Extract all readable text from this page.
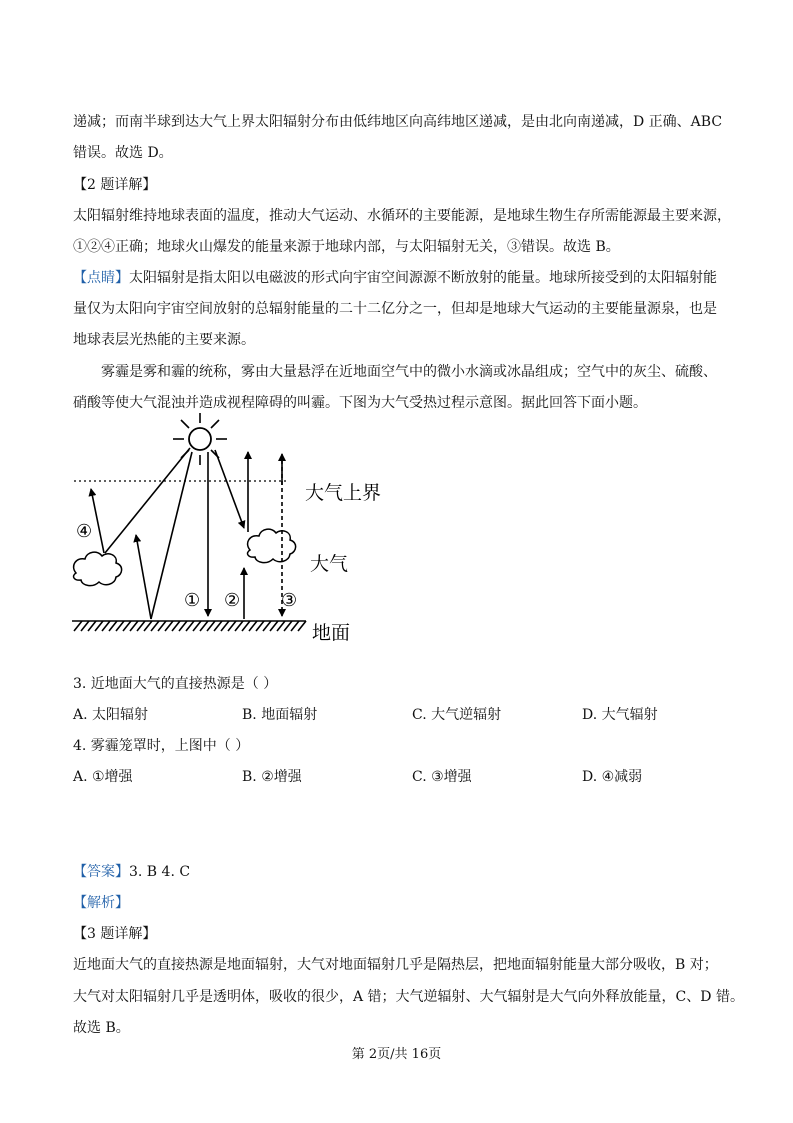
递减；而南半球到达大气上界太阳辐射分布由低纬地区向高纬地区递减，是由北向南递减，D 正确、ABC
错误。故选 D。
【2 题详解】
太阳辐射维持地球表面的温度，推动大气运动、水循环的主要能源，是地球生物生存所需能源最主要来源，
①②④正确；地球火山爆发的能量来源于地球内部，与太阳辐射无关，③错误。故选 B。
【点睛】太阳辐射是指太阳以电磁波的形式向宇宙空间源源不断放射的能量。地球所接受到的太阳辐射能
量仅为太阳向宇宙空间放射的总辐射能量的二十二亿分之一，但却是地球大气运动的主要能量源泉，也是
地球表层光热能的主要来源。
雾霾是雾和霾的统称，雾由大量悬浮在近地面空气中的微小水滴或冰晶组成；空气中的灰尘、硫酸、
硝酸等使大气混浊并造成视程障碍的叫霾。下图为大气受热过程示意图。据此回答下面小题。
④
① ② ③
大气上界
大气
地面
3. 近地面大气的直接热源是（ ）
A. 太阳辐射	B. 地面辐射	C. 大气逆辐射	D. 大气辐射
4. 雾霾笼罩时，上图中（ ）
A. ①增强	B. ②增强	C. ③增强	D. ④减弱
【答案】3. B 4. C
【解析】
【3 题详解】
近地面大气的直接热源是地面辐射，大气对地面辐射几乎是隔热层，把地面辐射能量大部分吸收，B 对；
大气对太阳辐射几乎是透明体，吸收的很少，A 错；大气逆辐射、大气辐射是大气向外释放能量，C、D 错。
故选 B。
第 2页/共 16页
